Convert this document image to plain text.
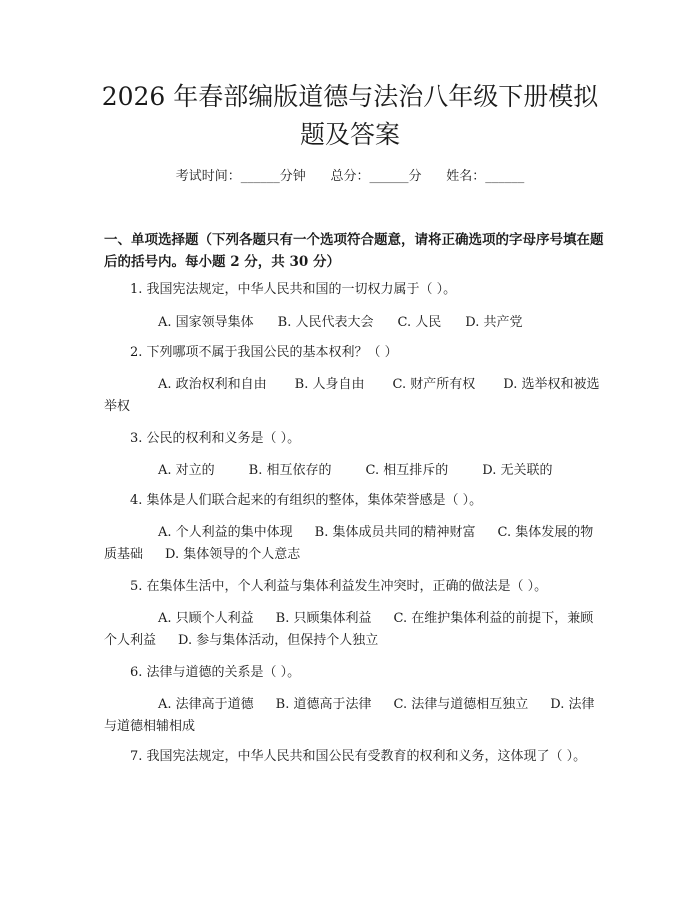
2026 年春部编版道德与法治八年级下册模拟
题及答案
考试时间：______分钟      总分：______分      姓名：______
一、单项选择题（下列各题只有一个选项符合题意，请将正确选项的字母序号填在题后的括号内。每小题 2 分，共 30 分）
1. 我国宪法规定，中华人民共和国的一切权力属于（ ）。
A. 国家领导集体 B. 人民代表大会 C. 人民 D. 共产党
2. 下列哪项不属于我国公民的基本权利？（ ）
A. 政治权利和自由 B. 人身自由 C. 财产所有权 D. 选举权和被选举权
3. 公民的权利和义务是（ ）。
A. 对立的	B. 相互依存的	C. 相互排斥的	D. 无关联的
4. 集体是人们联合起来的有组织的整体，集体荣誉感是（ ）。
A. 个人利益的集中体现 B. 集体成员共同的精神财富 C. 集体发展的物质基础 D. 集体领导的个人意志
5. 在集体生活中，个人利益与集体利益发生冲突时，正确的做法是（ ）。
A. 只顾个人利益 B. 只顾集体利益 C. 在维护集体利益的前提下，兼顾个人利益 D. 参与集体活动，但保持个人独立
6. 法律与道德的关系是（ ）。
A. 法律高于道德 B. 道德高于法律 C. 法律与道德相互独立 D. 法律与道德相辅相成
7. 我国宪法规定，中华人民共和国公民有受教育的权利和义务，这体现了（ ）。
